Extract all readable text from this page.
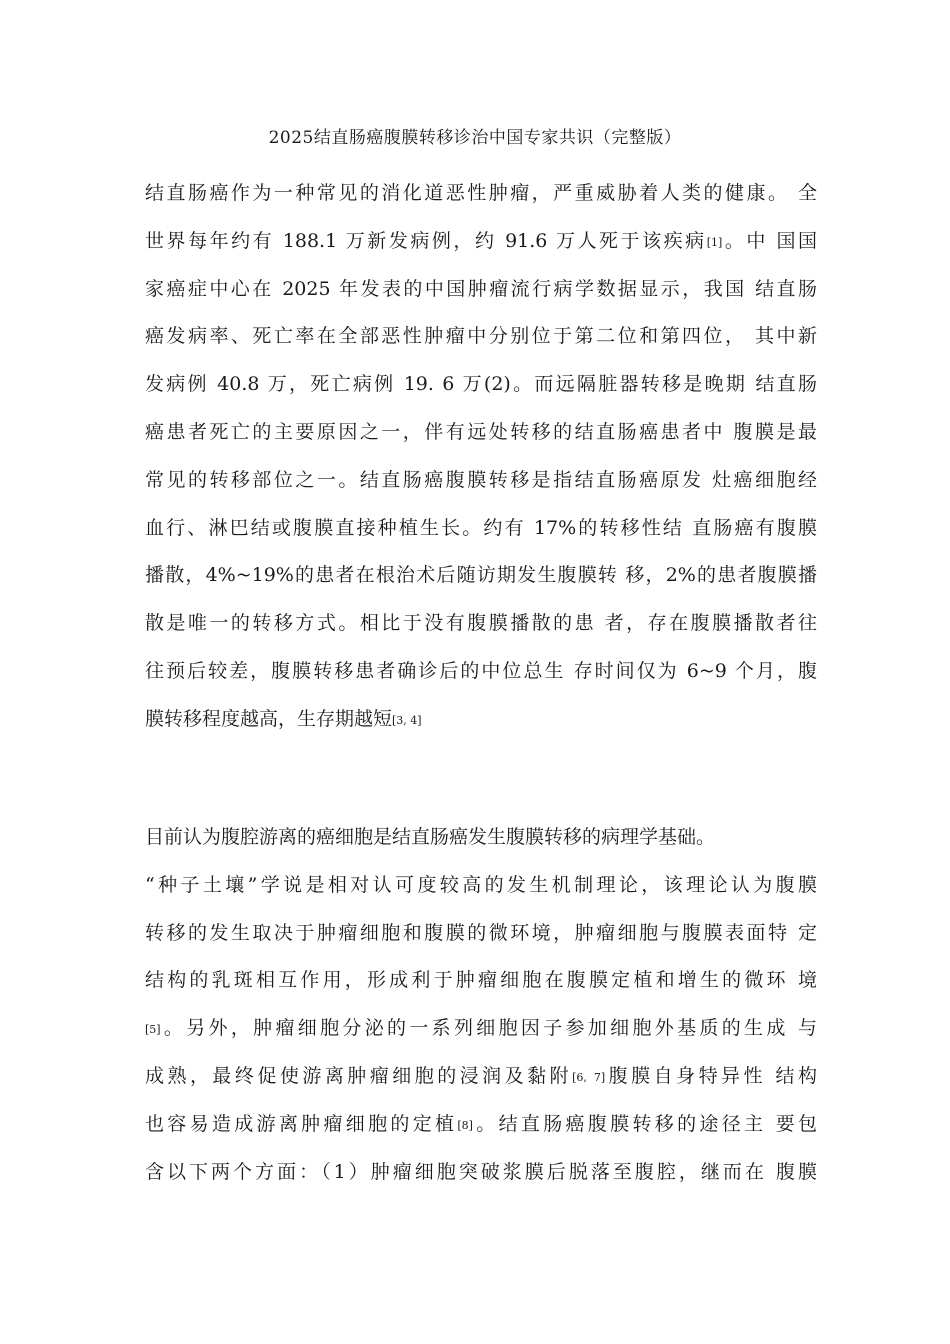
2025结直肠癌腹膜转移诊治中国专家共识（完整版）
结直肠癌作为一种常见的消化道恶性肿瘤，严重威胁着人类的健康。 全
世界每年约有 188.1 万新发病例，约 91.6 万人死于该疾病[1]。中 国国
家癌症中心在 2025 年发表的中国肿瘤流行病学数据显示，我国 结直肠
癌发病率、死亡率在全部恶性肿瘤中分别位于第二位和第四位， 其中新
发病例 40.8 万，死亡病例 19. 6 万(2)。而远隔脏器转移是晚期 结直肠
癌患者死亡的主要原因之一，伴有远处转移的结直肠癌患者中 腹膜是最
常见的转移部位之一。结直肠癌腹膜转移是指结直肠癌原发 灶癌细胞经
血行、淋巴结或腹膜直接种植生长。约有 17%的转移性结 直肠癌有腹膜
播散，4%~19%的患者在根治术后随访期发生腹膜转 移，2%的患者腹膜播
散是唯一的转移方式。相比于没有腹膜播散的患 者，存在腹膜播散者往
往预后较差，腹膜转移患者确诊后的中位总生 存时间仅为 6~9 个月，腹
膜转移程度越高，生存期越短[3, 4]
目前认为腹腔游离的癌细胞是结直肠癌发生腹膜转移的病理学基础。
“种子土壤”学说是相对认可度较高的发生机制理论，该理论认为腹膜
转移的发生取决于肿瘤细胞和腹膜的微环境，肿瘤细胞与腹膜表面特 定
结构的乳斑相互作用，形成利于肿瘤细胞在腹膜定植和增生的微环 境
[5]。另外，肿瘤细胞分泌的一系列细胞因子参加细胞外基质的生成 与
成熟，最终促使游离肿瘤细胞的浸润及黏附[6, 7]腹膜自身特异性 结构
也容易造成游离肿瘤细胞的定植[8]。结直肠癌腹膜转移的途径主 要包
含以下两个方面：（1）肿瘤细胞突破浆膜后脱落至腹腔，继而在 腹膜
